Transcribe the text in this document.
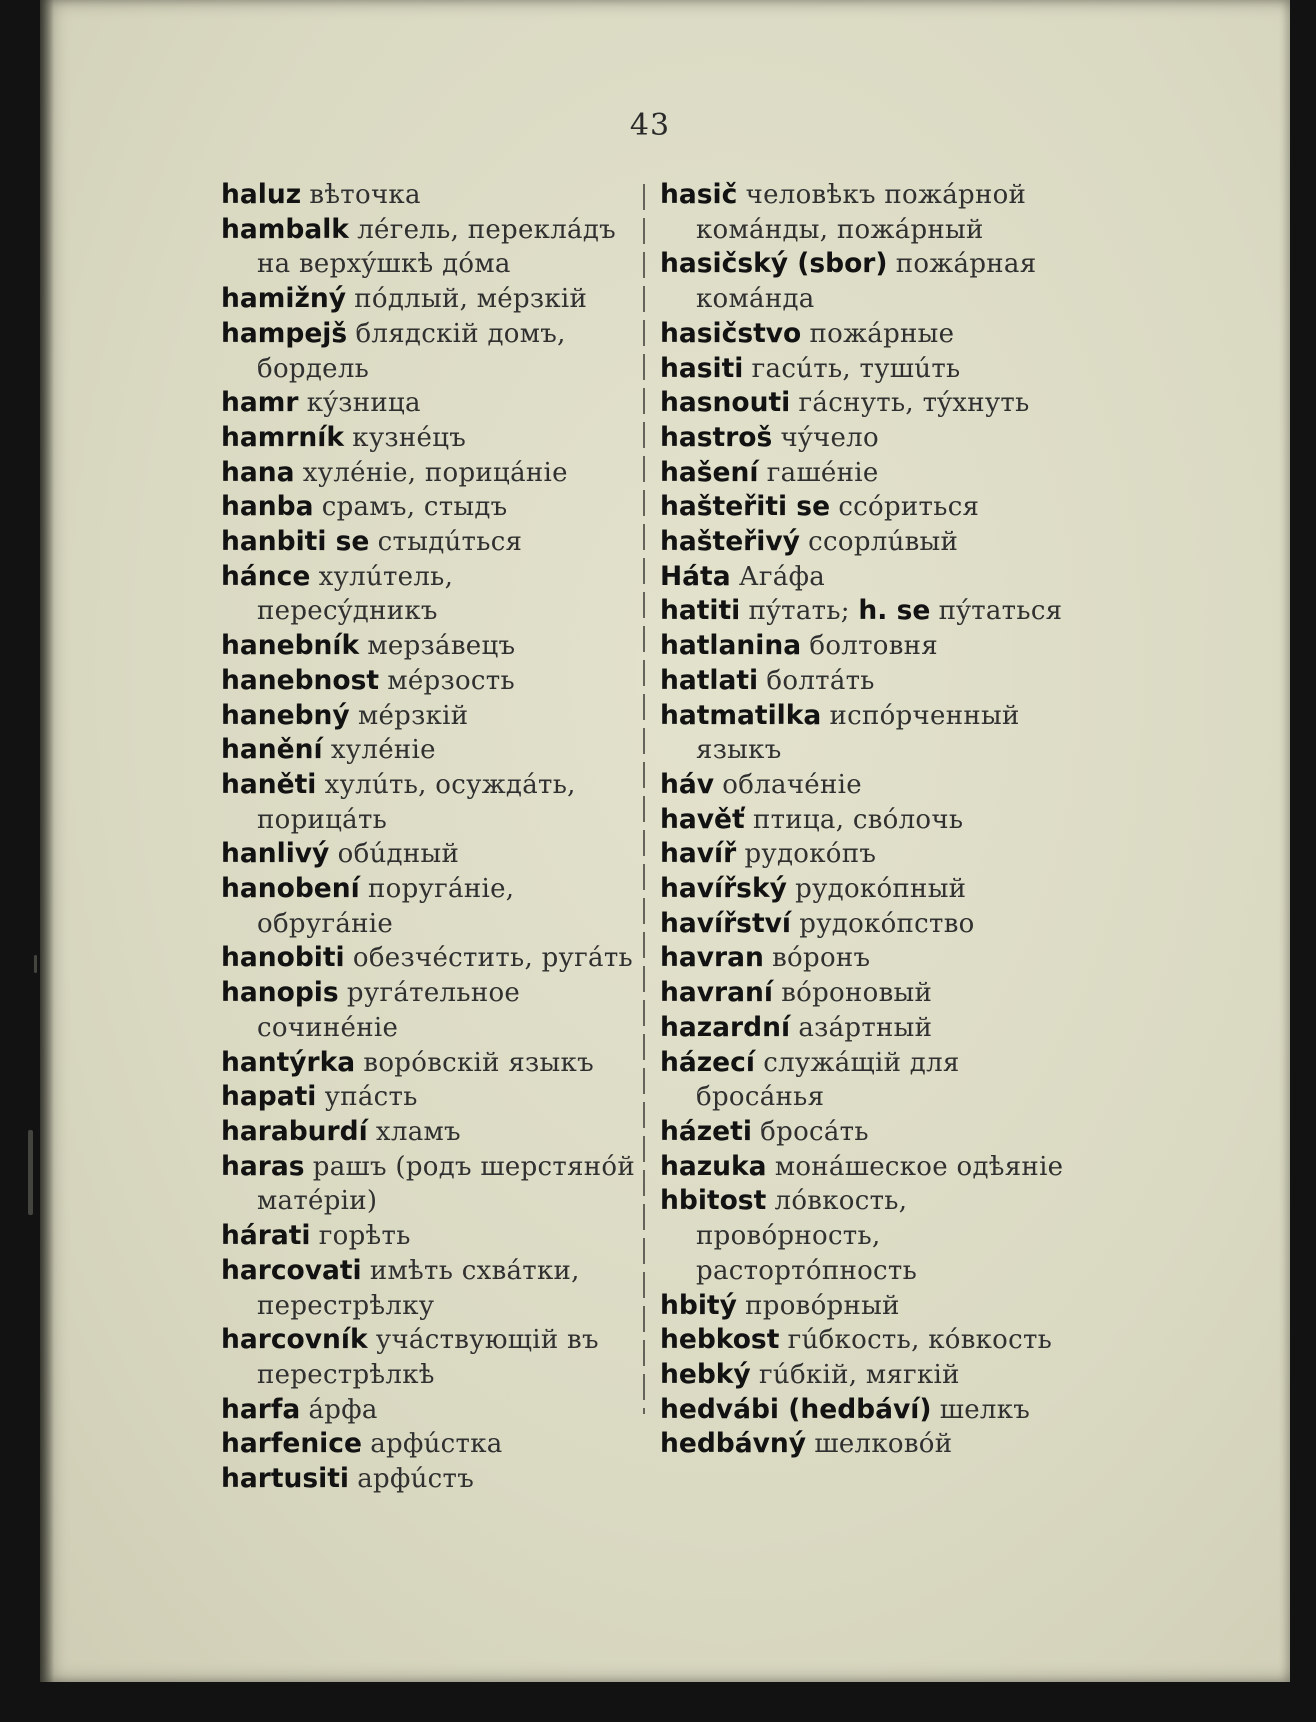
43
haluz вѣточка
hambalk лéгель, переклáдъ на верхýшкѣ дóма
hamižný пóдлый, мéрзкій
hampejš блядскій домъ, бордель
hamr кýзница
hamrník кузнéцъ
hana хулéніе, порицáніе
hanba срамъ, стыдъ
hanbiti se стыдúться
hánce хулúтель, пересýдникъ
hanebník мерзáвецъ
hanebnost мéрзость
hanebný мéрзкій
hanění хулéніе
haněti хулúть, осуждáть, порицáть
hanlivý обúдный
hanobení поругáніе, обругáніе
hanobiti обезчéстить, ругáть
hanopis ругáтельное сочинéніе
hantýrka ворóвскій языкъ
hapati упáсть
haraburdí хламъ
haras рашъ (родъ шерстянóй матéріи)
hárati горѣть
harcovati имѣть схвáтки, перестрѣлку
harcovník учáствующій въ перестрѣлкѣ
harfa áрфа
harfenice арфúстка
hartusiti арфúстъ
hasič человѣкъ пожáрной комáнды, пожáрный
hasičský (sbor) пожáрная комáнда
hasičstvo пожáрные
hasiti гасúть, тушúть
hasnouti гáснуть, тýхнуть
hastroš чýчело
hašení гашéніе
hašteřiti se ссóриться
hašteřivý ссорлúвый
Háta Агáфа
hatiti пýтать; h. se пýтаться
hatlanina болтовня
hatlati болтáть
hatmatilka испóрченный языкъ
háv облачéніе
havěť птица, свóлочь
havíř рудокóпъ
havířský рудокóпный
havířství рудокóпство
havran вóронъ
havraní вóроновый
hazardní азáртный
házecí служáщій для бросáнья
házeti бросáть
hazuka монáшеское одѣяніе
hbitost лóвкость, провóрность, растортóпность
hbitý провóрный
hebkost гúбкость, кóвкость
hebký гúбкій, мягкій
hedvábi (hedbáví) шелкъ
hedbávný шелковóй
